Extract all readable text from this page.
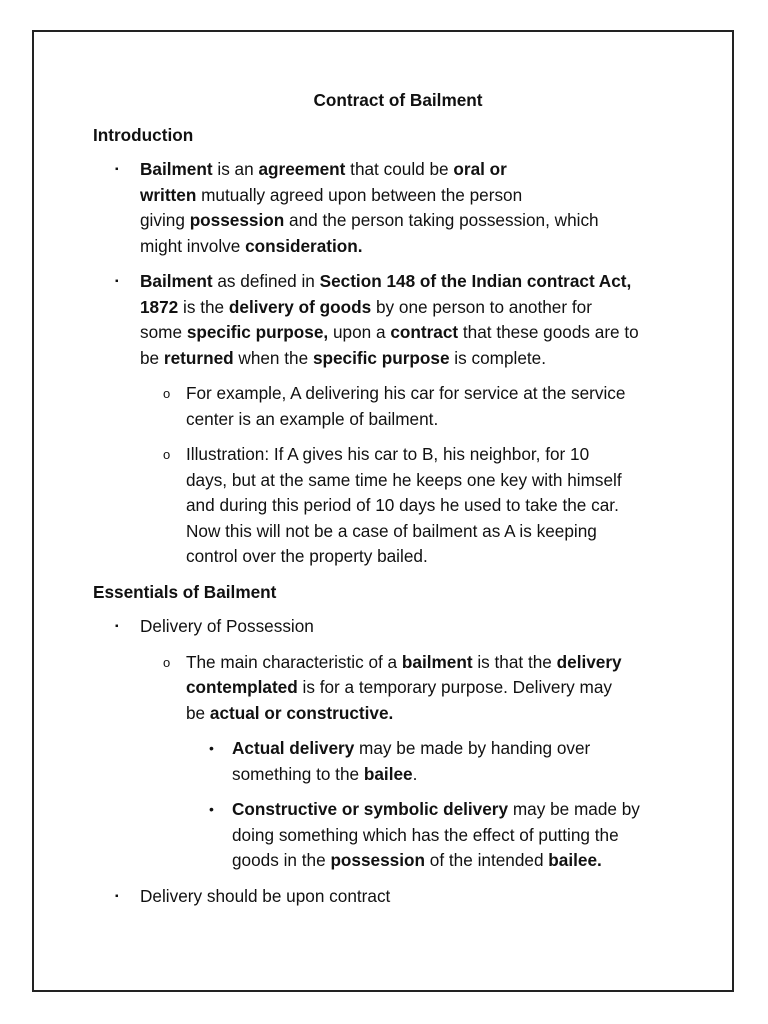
Contract of Bailment
Introduction
▪ Bailment is an agreement that could be oral or
written mutually agreed upon between the person
giving possession and the person taking possession, which
might involve consideration.
▪ Bailment as defined in Section 148 of the Indian contract Act,
1872 is the delivery of goods by one person to another for
some specific purpose, upon a contract that these goods are to
be returned when the specific purpose is complete.
o For example, A delivering his car for service at the service
center is an example of bailment.
o Illustration: If A gives his car to B, his neighbor, for 10
days, but at the same time he keeps one key with himself
and during this period of 10 days he used to take the car.
Now this will not be a case of bailment as A is keeping
control over the property bailed.
Essentials of Bailment
▪ Delivery of Possession
o The main characteristic of a bailment is that the delivery
contemplated is for a temporary purpose. Delivery may
be actual or constructive.
• Actual delivery may be made by handing over
something to the bailee.
• Constructive or symbolic delivery may be made by
doing something which has the effect of putting the
goods in the possession of the intended bailee.
▪ Delivery should be upon contract
